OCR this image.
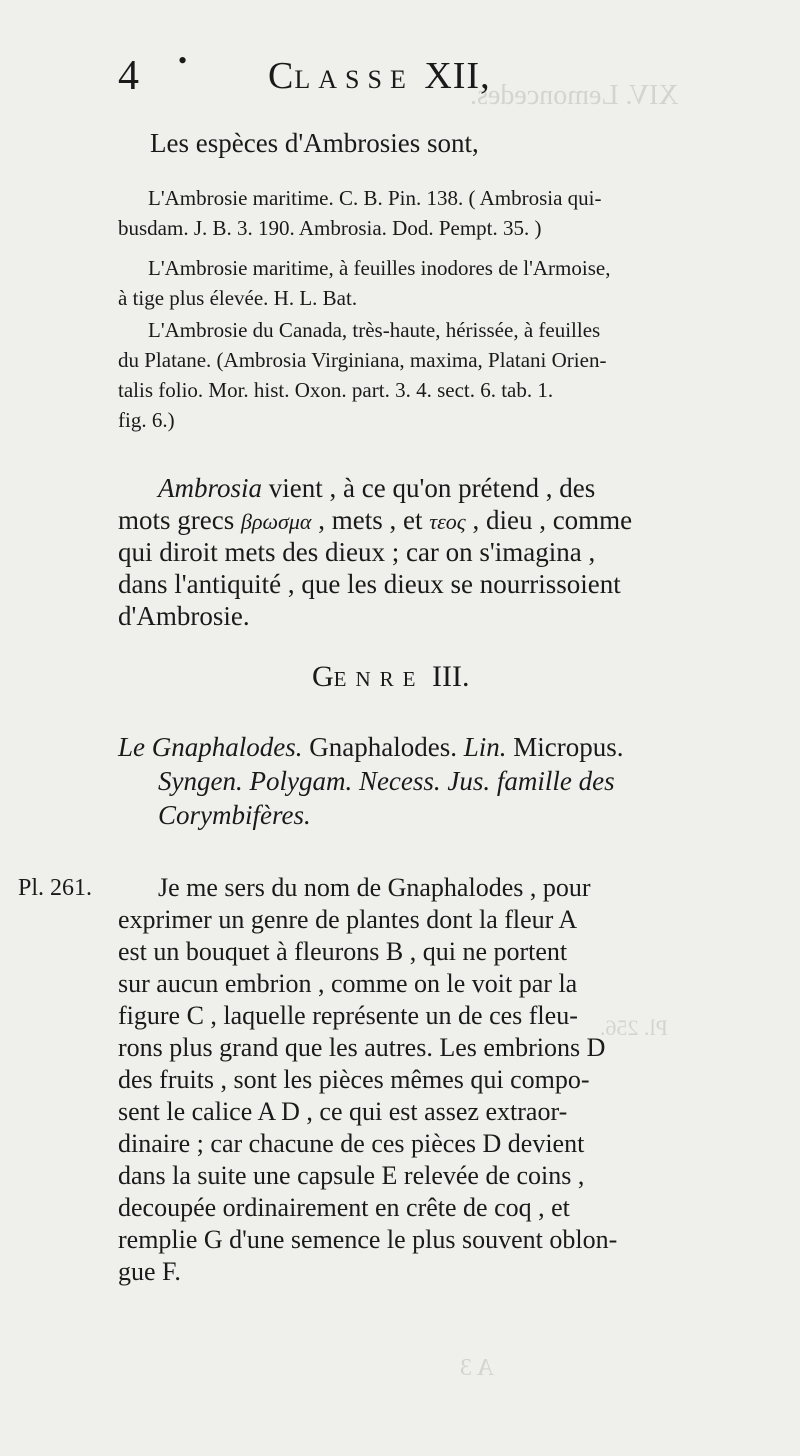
XIV. Lemoncedes.
Pl. 256.
A 3
4 • CLASSE XII,
Les espèces d'Ambrosies sont,
L'Ambrosie maritime. C. B. Pin. 138. ( Ambrosia qui-
busdam. J. B. 3. 190. Ambrosia. Dod. Pempt. 35. )
L'Ambrosie maritime, à feuilles inodores de l'Armoise,
à tige plus élevée. H. L. Bat.
L'Ambrosie du Canada, très-haute, hérissée, à feuilles
du Platane. (Ambrosia Virginiana, maxima, Platani Orien-
talis folio. Mor. hist. Oxon. part. 3. 4. sect. 6. tab. 1.
fig. 6.)
Ambrosia vient , à ce qu'on prétend , des
mots grecs βρωσμα , mets , et τεος , dieu , comme
qui diroit mets des dieux ; car on s'imagina ,
dans l'antiquité , que les dieux se nourrissoient
d'Ambrosie.
GENRE III.
Le Gnaphalodes. Gnaphalodes. Lin. Micropus.
Syngen. Polygam. Necess. Jus. famille des
Corymbifères.
Pl. 261.	Je me sers du nom de Gnaphalodes , pour
exprimer un genre de plantes dont la fleur A
est un bouquet à fleurons B , qui ne portent
sur aucun embrion , comme on le voit par la
figure C , laquelle représente un de ces fleu-
rons plus grand que les autres. Les embrions D
des fruits , sont les pièces mêmes qui compo-
sent le calice A D , ce qui est assez extraor-
dinaire ; car chacune de ces pièces D devient
dans la suite une capsule E relevée de coins ,
decoupée ordinairement en crête de coq , et
remplie G d'une semence le plus souvent oblon-
gue F.
